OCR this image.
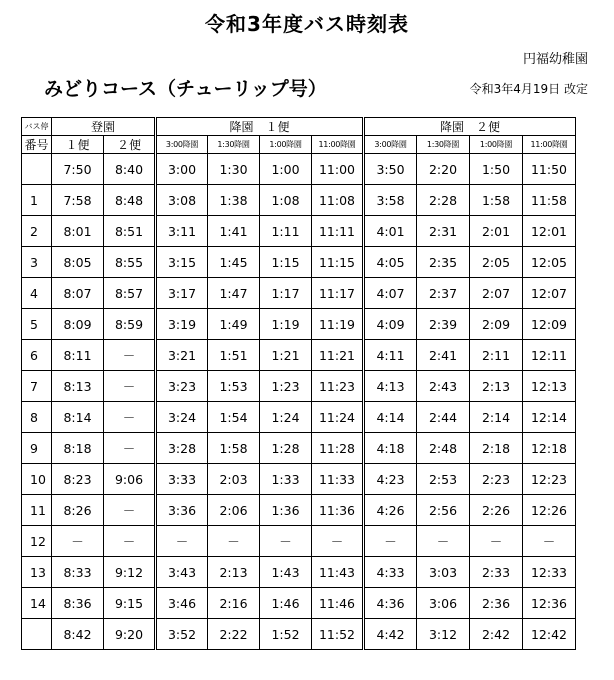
令和3年度バス時刻表
円福幼稚園
みどりコース（チューリップ号）	令和3年4月19日 改定
バス停	登園		降園　１便				降園　２便			
番号	１便	２便	3:00降園	1:30降園	1:00降園	11:00降園	3:00降園	1:30降園	1:00降園	11:00降園
	7:50	8:40	3:00	1:30	1:00	11:00	3:50	2:20	1:50	11:50
1	7:58	8:48	3:08	1:38	1:08	11:08	3:58	2:28	1:58	11:58
2	8:01	8:51	3:11	1:41	1:11	11:11	4:01	2:31	2:01	12:01
3	8:05	8:55	3:15	1:45	1:15	11:15	4:05	2:35	2:05	12:05
4	8:07	8:57	3:17	1:47	1:17	11:17	4:07	2:37	2:07	12:07
5	8:09	8:59	3:19	1:49	1:19	11:19	4:09	2:39	2:09	12:09
6	8:11	－	3:21	1:51	1:21	11:21	4:11	2:41	2:11	12:11
7	8:13	－	3:23	1:53	1:23	11:23	4:13	2:43	2:13	12:13
8	8:14	－	3:24	1:54	1:24	11:24	4:14	2:44	2:14	12:14
9	8:18	－	3:28	1:58	1:28	11:28	4:18	2:48	2:18	12:18
10	8:23	9:06	3:33	2:03	1:33	11:33	4:23	2:53	2:23	12:23
11	8:26	－	3:36	2:06	1:36	11:36	4:26	2:56	2:26	12:26
12	－	－	－	－	－	－	－	－	－	－
13	8:33	9:12	3:43	2:13	1:43	11:43	4:33	3:03	2:33	12:33
14	8:36	9:15	3:46	2:16	1:46	11:46	4:36	3:06	2:36	12:36
	8:42	9:20	3:52	2:22	1:52	11:52	4:42	3:12	2:42	12:42
